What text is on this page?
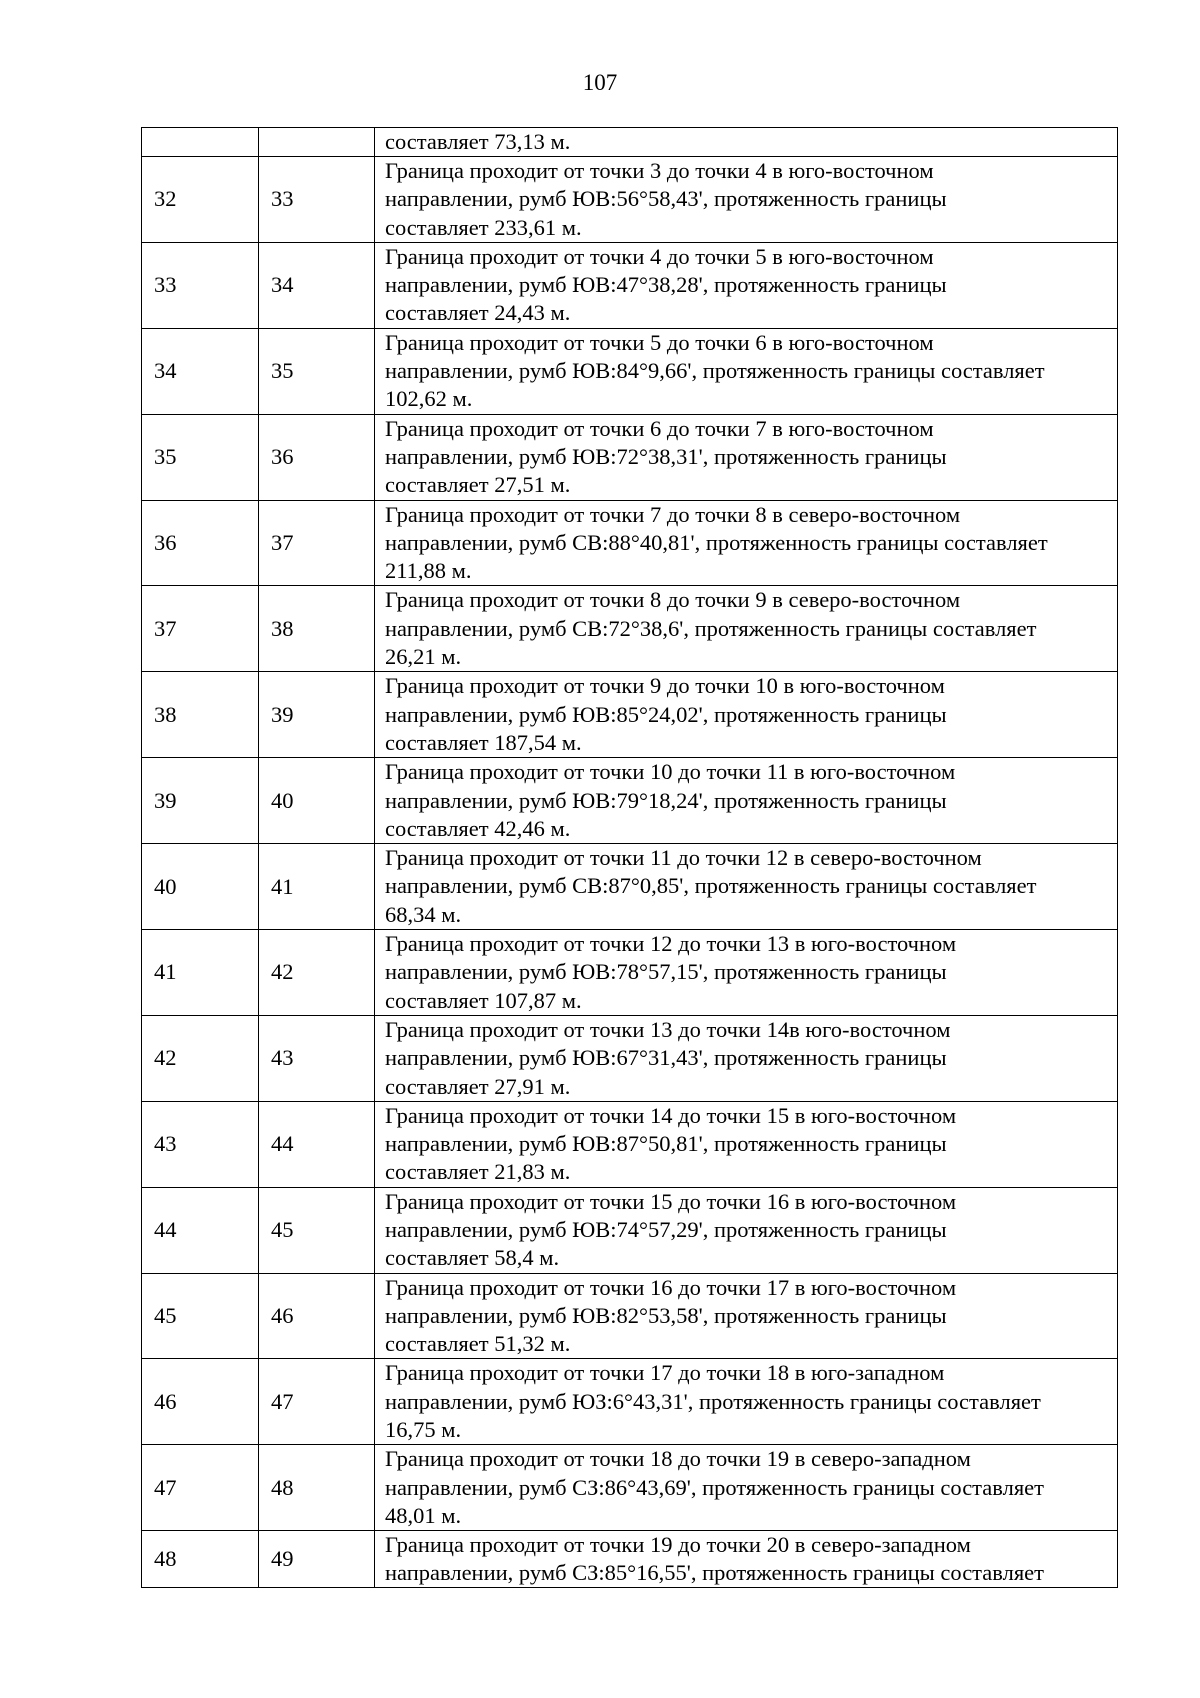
107
		составляет 73,13 м.
32	33	Граница проходит от точки 3 до точки 4 в юго-восточном
направлении, румб ЮВ:56°58,43', протяженность границы
составляет 233,61 м.

33	34	Граница проходит от точки 4 до точки 5 в юго-восточном
направлении, румб ЮВ:47°38,28', протяженность границы
составляет 24,43 м.

34	35	Граница проходит от точки 5 до точки 6 в юго-восточном
направлении, румб ЮВ:84°9,66', протяженность границы составляет
102,62 м.

35	36	Граница проходит от точки 6 до точки 7 в юго-восточном
направлении, румб ЮВ:72°38,31', протяженность границы
составляет 27,51 м.

36	37	Граница проходит от точки 7 до точки 8 в северо-восточном
направлении, румб СВ:88°40,81', протяженность границы составляет
211,88 м.

37	38	Граница проходит от точки 8 до точки 9 в северо-восточном
направлении, румб СВ:72°38,6', протяженность границы составляет
26,21 м.

38	39	Граница проходит от точки 9 до точки 10 в юго-восточном
направлении, румб ЮВ:85°24,02', протяженность границы
составляет 187,54 м.

39	40	Граница проходит от точки 10 до точки 11 в юго-восточном
направлении, румб ЮВ:79°18,24', протяженность границы
составляет 42,46 м.

40	41	Граница проходит от точки 11 до точки 12 в северо-восточном
направлении, румб СВ:87°0,85', протяженность границы составляет
68,34 м.

41	42	Граница проходит от точки 12 до точки 13 в юго-восточном
направлении, румб ЮВ:78°57,15', протяженность границы
составляет 107,87 м.

42	43	Граница проходит от точки 13 до точки 14в юго-восточном
направлении, румб ЮВ:67°31,43', протяженность границы
составляет 27,91 м.

43	44	Граница проходит от точки 14 до точки 15 в юго-восточном
направлении, румб ЮВ:87°50,81', протяженность границы
составляет 21,83 м.

44	45	Граница проходит от точки 15 до точки 16 в юго-восточном
направлении, румб ЮВ:74°57,29', протяженность границы
составляет 58,4 м.

45	46	Граница проходит от точки 16 до точки 17 в юго-восточном
направлении, румб ЮВ:82°53,58', протяженность границы
составляет 51,32 м.

46	47	Граница проходит от точки 17 до точки 18 в юго-западном
направлении, румб ЮЗ:6°43,31', протяженность границы составляет
16,75 м.

47	48	Граница проходит от точки 18 до точки 19 в северо-западном
направлении, румб СЗ:86°43,69', протяженность границы составляет
48,01 м.

48	49	Граница проходит от точки 19 до точки 20 в северо-западном
направлении, румб СЗ:85°16,55', протяженность границы составляет
